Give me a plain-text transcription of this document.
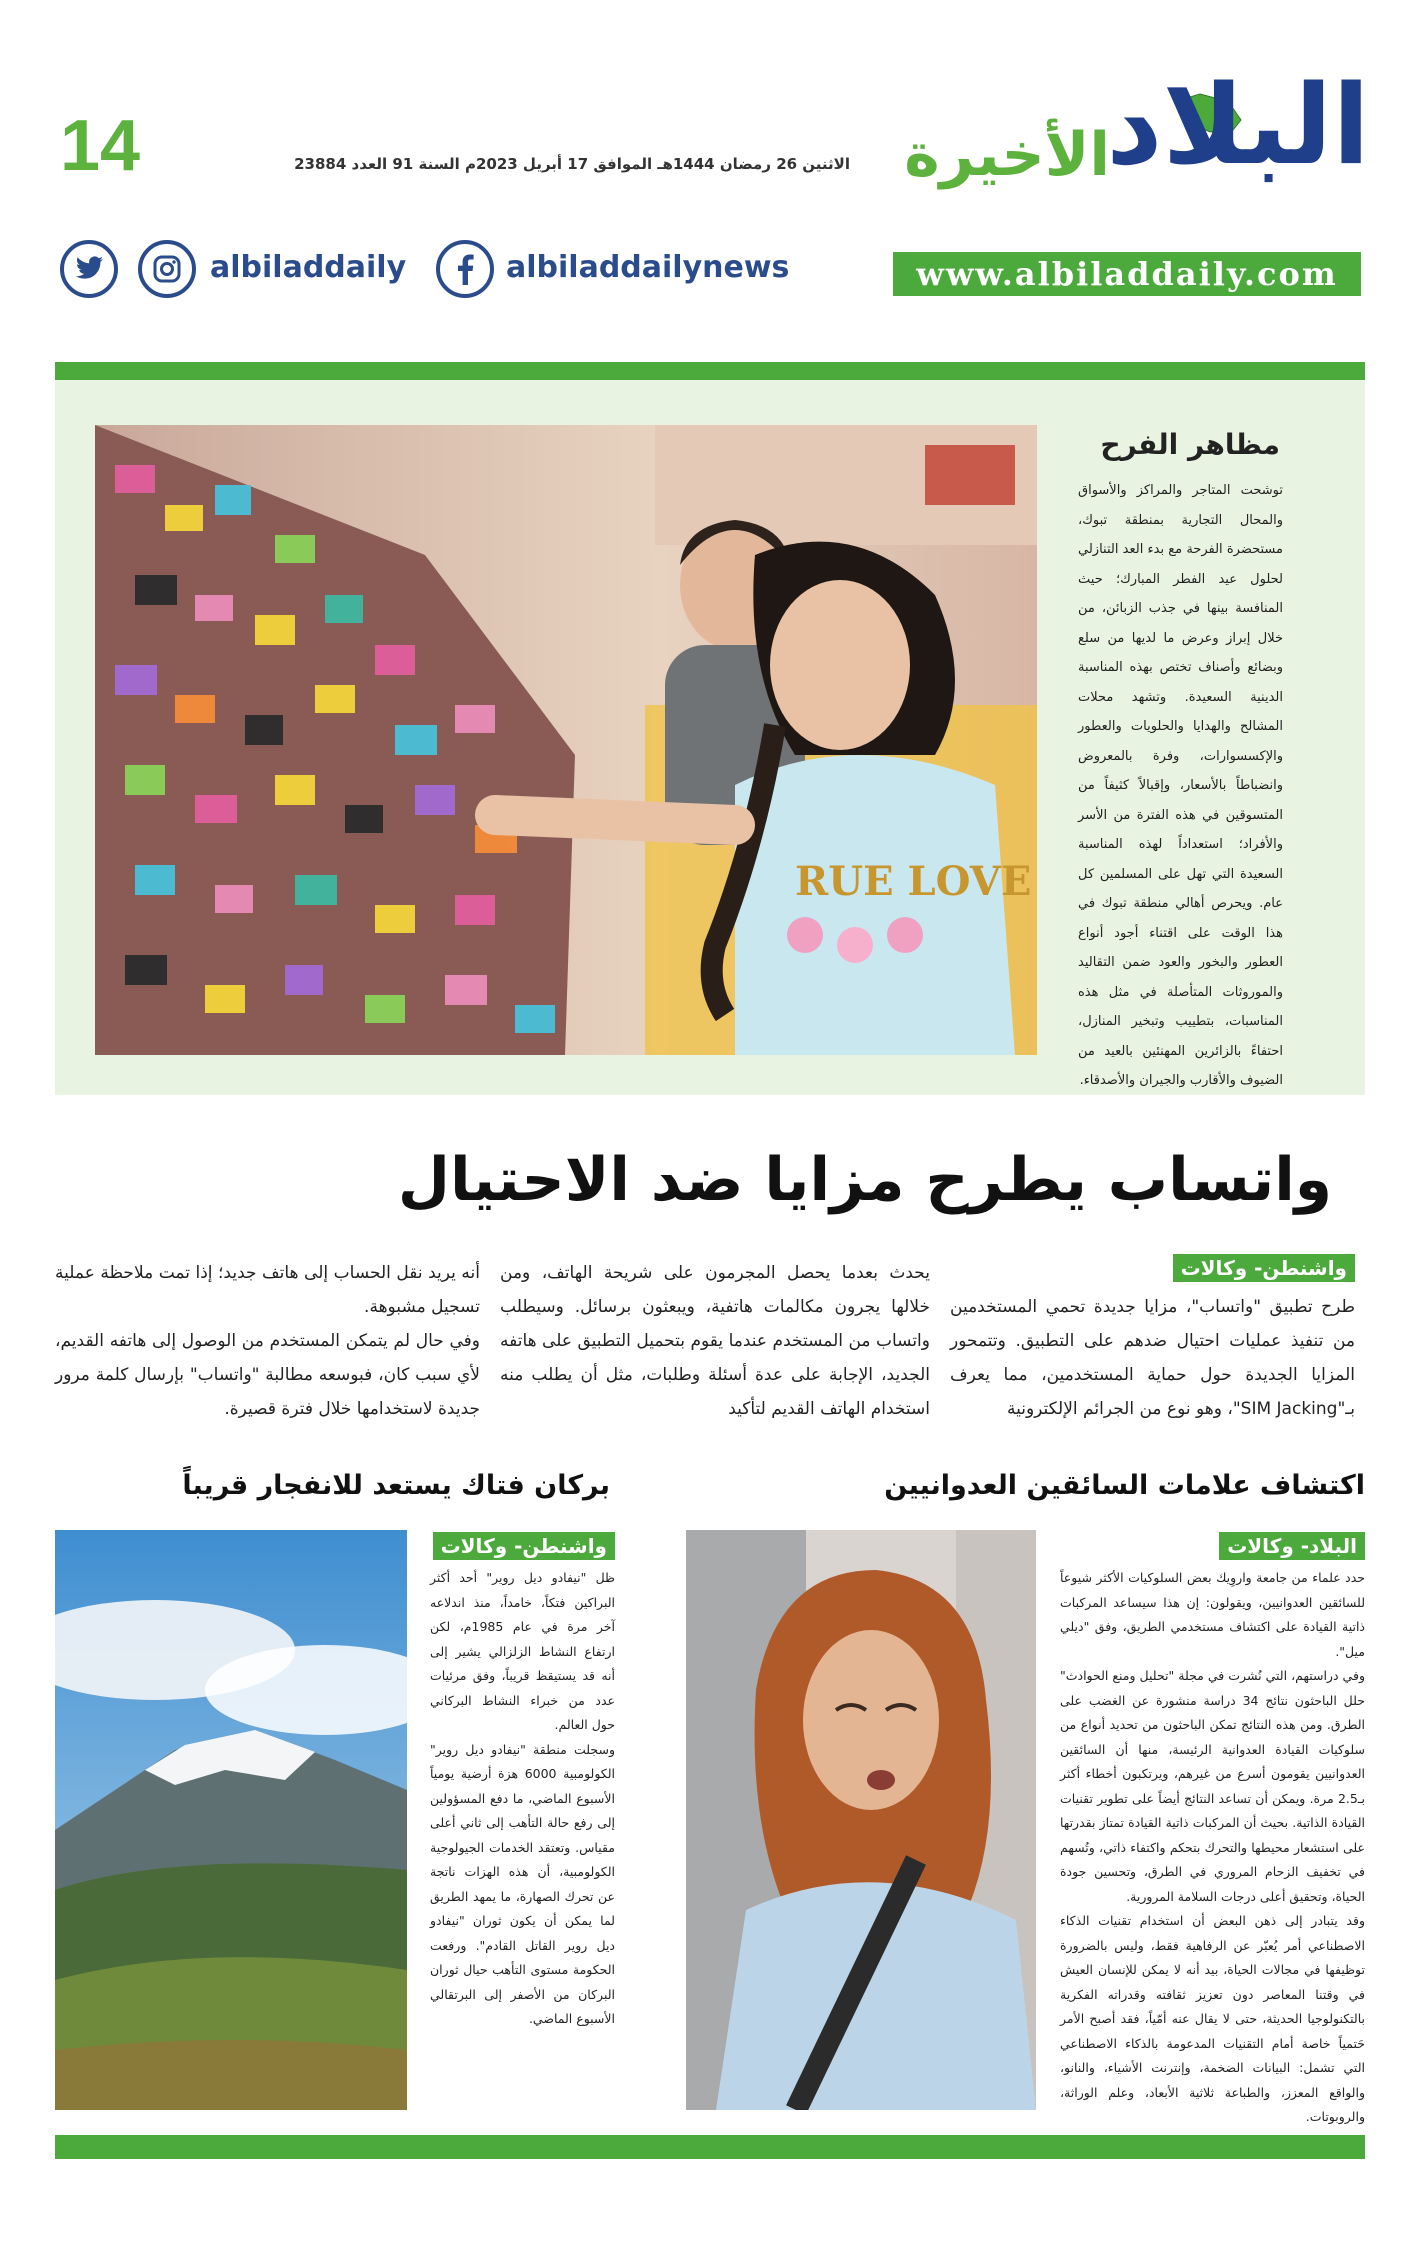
14	الاثنين 26 رمضان 1444هـ الموافق 17 أبريل 2023م السنة 91 العدد 23884 البلاد
الأخيرة
www.albiladdaily.com
albiladdaily	albiladdailynews
RUE LOVE
مظاهر الفرح
توشحت المتاجر والمراكز والأسواق والمحال التجارية بمنطقة تبوك، مستحضرة الفرحة مع بدء العد التنازلي لحلول عيد الفطر المبارك؛ حيث المنافسة بينها في جذب الزبائن، من خلال إبراز وعرض ما لديها من سلع وبضائع وأصناف تختص بهذه المناسبة الدينية السعيدة. وتشهد محلات المشالح والهدايا والحلويات والعطور والإكسسوارات، وفرة بالمعروض وانضباطاً بالأسعار، وإقبالاً كثيفاً من المتسوقين في هذه الفترة من الأسر والأفراد؛ استعداداً لهذه المناسبة السعيدة التي تهل على المسلمين كل عام. ويحرص أهالي منطقة تبوك في هذا الوقت على اقتناء أجود أنواع العطور والبخور والعود ضمن التقاليد والموروثات المتأصلة في مثل هذه المناسبات، بتطييب وتبخير المنازل، احتفاءً بالزائرين المهنئين بالعيد من الضيوف والأقارب والجيران والأصدقاء.
واتساب يطرح مزايا ضد الاحتيال
واشنطن- وكالات
طرح تطبيق "واتساب"، مزايا جديدة تحمي المستخدمين من تنفيذ عمليات احتيال ضدهم على التطبيق. وتتمحور المزايا الجديدة حول حماية المستخدمين، مما يعرف بـ"SIM Jacking"، وهو نوع من الجرائم الإلكترونية
يحدث بعدما يحصل المجرمون على شريحة الهاتف، ومن خلالها يجرون مكالمات هاتفية، ويبعثون برسائل. وسيطلب واتساب من المستخدم عندما يقوم بتحميل التطبيق على هاتفه الجديد، الإجابة على عدة أسئلة وطلبات، مثل أن يطلب منه استخدام الهاتف القديم لتأكيد

أنه يريد نقل الحساب إلى هاتف جديد؛ إذا تمت ملاحظة عملية تسجيل مشبوهة.

وفي حال لم يتمكن المستخدم من الوصول إلى هاتفه القديم، لأي سبب كان، فبوسعه مطالبة "واتساب" بإرسال كلمة مرور جديدة لاستخدامها خلال فترة قصيرة.

اكتشاف علامات السائقين العدوانيين
البلاد- وكالات

حدد علماء من جامعة واروِيك بعض السلوكيات الأكثر شيوعاً للسائقين العدوانيين، ويقولون: إن هذا سيساعد المركبات ذاتية القيادة على اكتشاف مستخدمي الطريق، وفق "ديلي ميل".

وفي دراستهم، التي نُشرت في مجلة "تحليل ومنع الحوادث" حلل الباحثون نتائج 34 دراسة منشورة عن الغضب على الطرق. ومن هذه النتائج تمكن الباحثون من تحديد أنواع من سلوكيات القيادة العدوانية الرئيسة، منها أن السائقين العدوانيين يقومون أسرع من غيرهم، ويرتكبون أخطاء أكثر بـ2.5 مرة. ويمكن أن تساعد النتائج أيضاً على تطوير تقنيات القيادة الذاتية. بحيث أن المركبات ذاتية القيادة تمتاز بقدرتها على استشعار محيطها والتحرك بتحكم واكتفاء ذاتي، وتُسهم في تخفيف الزحام المروري في الطرق، وتحسين جودة الحياة، وتحقيق أعلى درجات السلامة المرورية.

وقد يتبادر إلى ذهن البعض أن استخدام تقنيات الذكاء الاصطناعي أمر يُعبّر عن الرفاهية فقط، وليس بالضرورة توظيفها في مجالات الحياة، بيد أنه لا يمكن للإنسان العيش في وقتنا المعاصر دون تعزيز ثقافته وقدراته الفكرية بالتكنولوجيا الحديثة، حتى لا يقال عنه أمّياً، فقد أصبح الأمر حَتمياً خاصة أمام التقنيات المدعومة بالذكاء الاصطناعي التي تشمل: البيانات الضخمة، وإنترنت الأشياء، والنانو، والواقع المعزز، والطباعة ثلاثية الأبعاد، وعلم الوراثة، والروبوتات.

بركان فتاك يستعد للانفجار قريباً
واشنطن- وكالات

ظل "نيفادو ديل روير" أحد أكثر البراكين فتكاً، خامداً، منذ اندلاعه آخر مرة في عام 1985م، لكن ارتفاع النشاط الزلزالي يشير إلى أنه قد يستيقظ قريباً، وفق مرئيات عدد من خبراء النشاط البركاني حول العالم.

وسجلت منطقة "نيفادو ديل روير" الكولومبية 6000 هزة أرضية يومياً الأسبوع الماضي، ما دفع المسؤولين إلى رفع حالة التأهب إلى ثاني أعلى مقياس. وتعتقد الخدمات الجيولوجية الكولومبية، أن هذه الهزات ناتجة عن تحرك الصهارة، ما يمهد الطريق لما يمكن أن يكون ثوران "نيفادو ديل روير القاتل القادم". ورفعت الحكومة مستوى التأهب حيال ثوران البركان من الأصفر إلى البرتقالي الأسبوع الماضي.
